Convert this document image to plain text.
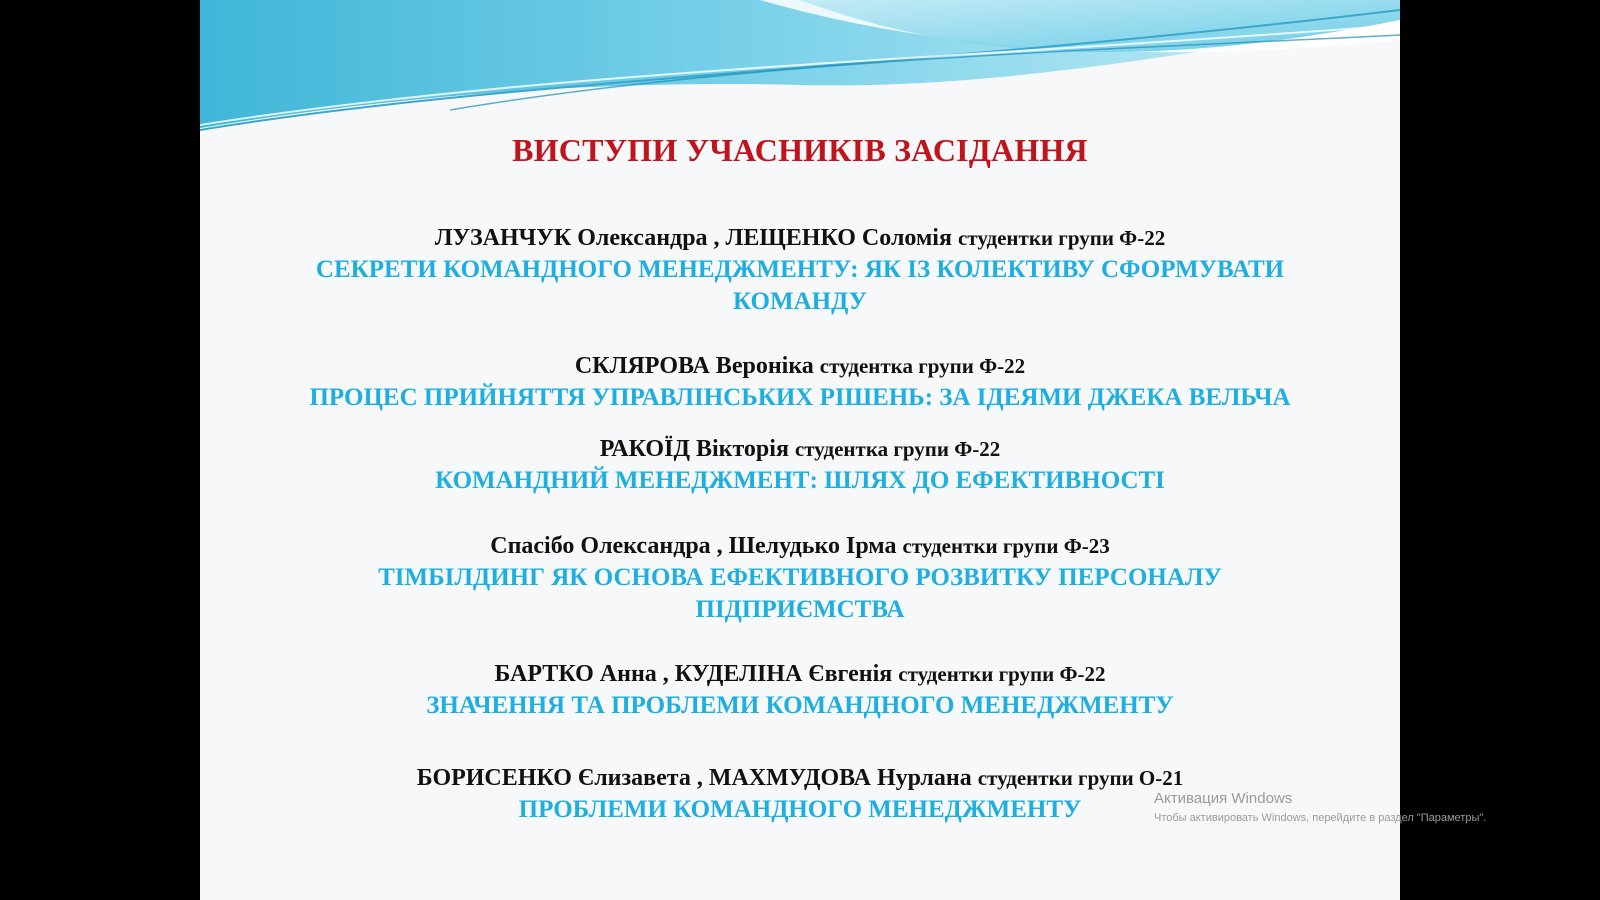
ВИСТУПИ УЧАСНИКІВ ЗАСІДАННЯ
ЛУЗАНЧУК Олександра , ЛЕЩЕНКО Соломія студентки групи Ф-22
СЕКРЕТИ КОМАНДНОГО МЕНЕДЖМЕНТУ: ЯК ІЗ КОЛЕКТИВУ СФОРМУВАТИ КОМАНДУ
СКЛЯРОВА Вероніка студентка групи Ф-22
ПРОЦЕС ПРИЙНЯТТЯ УПРАВЛІНСЬКИХ РІШЕНЬ: ЗА ІДЕЯМИ ДЖЕКА ВЕЛЬЧА
РАКОЇД Вікторія студентка групи Ф-22
КОМАНДНИЙ МЕНЕДЖМЕНТ: ШЛЯХ ДО ЕФЕКТИВНОСТІ
Спасібо Олександра , Шелудько Ірма студентки групи Ф-23
ТІМБІЛДИНГ ЯК ОСНОВА ЕФЕКТИВНОГО РОЗВИТКУ ПЕРСОНАЛУ ПІДПРИЄМСТВА
БАРТКО Анна , КУДЕЛІНА Євгенія студентки групи Ф-22
ЗНАЧЕННЯ ТА ПРОБЛЕМИ КОМАНДНОГО МЕНЕДЖМЕНТУ
БОРИСЕНКО Єлизавета , МАХМУДОВА Нурлана студентки групи О-21
ПРОБЛЕМИ КОМАНДНОГО МЕНЕДЖМЕНТУ	Активация Windows
Чтобы активировать Windows, перейдите в раздел "Параметры".
